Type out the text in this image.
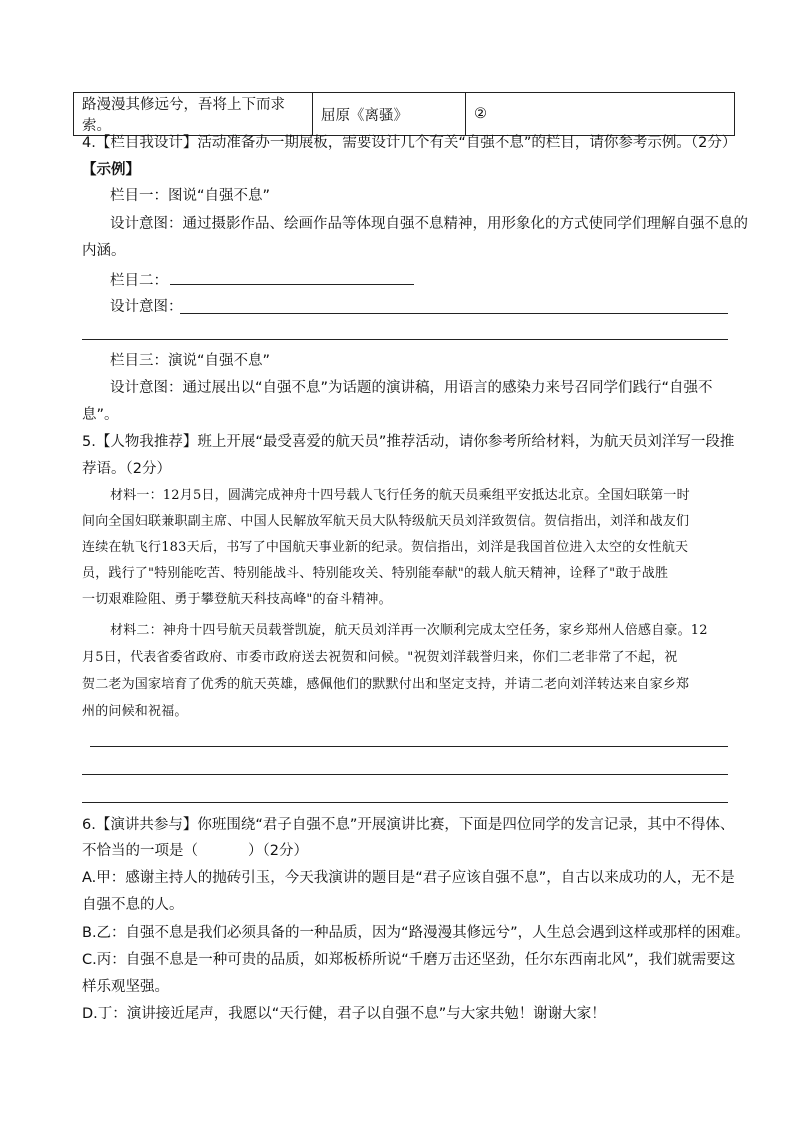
路漫漫其修远兮，吾将上下而求索。	屈原《离骚》	②
4.【栏目我设计】活动准备办一期展板，需要设计几个有关“自强不息”的栏目，请你参考示例。（2分）
【示例】
栏目一：图说“自强不息”
设计意图：通过摄影作品、绘画作品等体现自强不息精神，用形象化的方式使同学们理解自强不息的
内涵。
栏目二：
设计意图：
栏目三：演说“自强不息”
设计意图：通过展出以“自强不息”为话题的演讲稿，用语言的感染力来号召同学们践行“自强不
息”。
5.【人物我推荐】班上开展“最受喜爱的航天员”推荐活动，请你参考所给材料，为航天员刘洋写一段推
荐语。（2分）
材料一：12月5日，圆满完成神舟十四号载人飞行任务的航天员乘组平安抵达北京。全国妇联第一时
间向全国妇联兼职副主席、中国人民解放军航天员大队特级航天员刘洋致贺信。贺信指出，刘洋和战友们
连续在轨飞行183天后，书写了中国航天事业新的纪录。贺信指出，刘洋是我国首位进入太空的女性航天
员，践行了"特别能吃苦、特别能战斗、特别能攻关、特别能奉献"的载人航天精神，诠释了"敢于战胜
一切艰难险阻、勇于攀登航天科技高峰"的奋斗精神。
材料二：神舟十四号航天员载誉凯旋，航天员刘洋再一次顺利完成太空任务，家乡郑州人倍感自豪。12
月5日，代表省委省政府、市委市政府送去祝贺和问候。"祝贺刘洋载誉归来，你们二老非常了不起，祝
贺二老为国家培育了优秀的航天英雄，感佩他们的默默付出和坚定支持，并请二老向刘洋转达来自家乡郑
州的问候和祝福。
6.【演讲共参与】你班围绕“君子自强不息”开展演讲比赛，下面是四位同学的发言记录，其中不得体、
不恰当的一项是（	）（2分）
A.甲：感谢主持人的抛砖引玉，今天我演讲的题目是“君子应该自强不息”，自古以来成功的人，无不是
自强不息的人。
B.乙：自强不息是我们必须具备的一种品质，因为“路漫漫其修远兮”，人生总会遇到这样或那样的困难。
C.丙：自强不息是一种可贵的品质，如郑板桥所说“千磨万击还坚劲，任尔东西南北风”，我们就需要这
样乐观坚强。
D.丁：演讲接近尾声，我愿以“天行健，君子以自强不息”与大家共勉！谢谢大家！
